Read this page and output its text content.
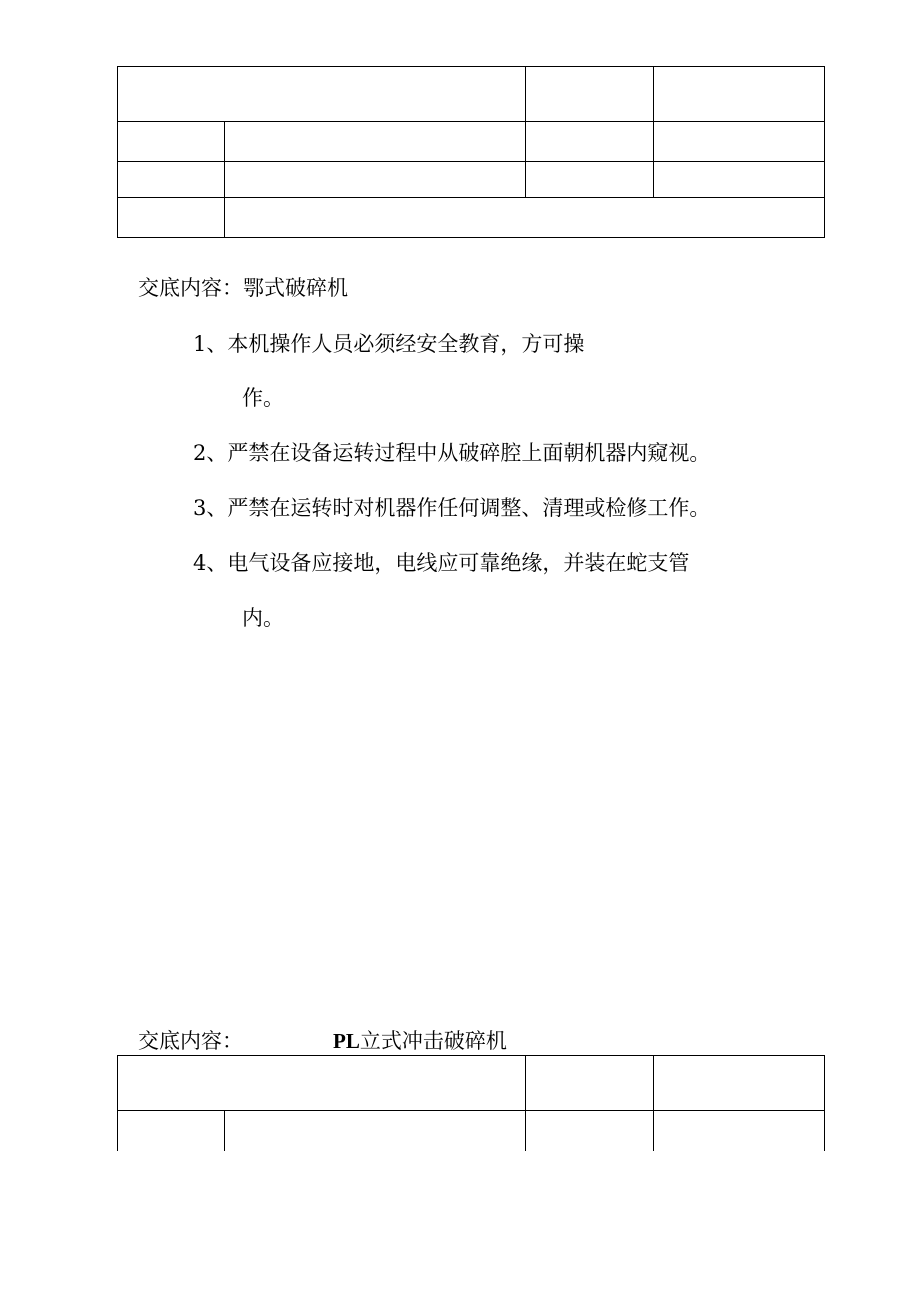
交底内容：鄂式破碎机
1、本机操作人员必须经安全教育，方可操
作。
2、严禁在设备运转过程中从破碎腔上面朝机器内窥视。
3、严禁在运转时对机器作任何调整、清理或检修工作。
4、电气设备应接地，电线应可靠绝缘，并装在蛇支管
内。
交底内容：	PL立式冲击破碎机
